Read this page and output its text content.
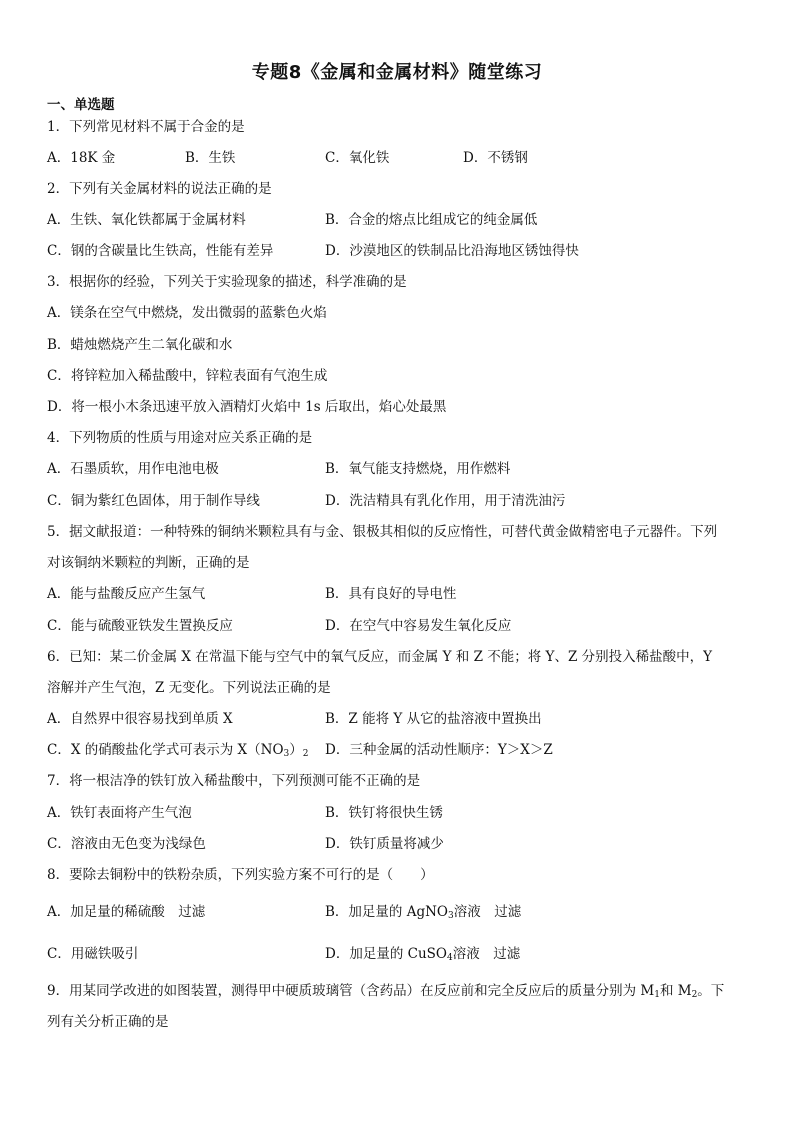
专题8《金属和金属材料》随堂练习
一、单选题
1．下列常见材料不属于合金的是
A．18K 金	B．生铁	C．氧化铁	D．不锈钢
2．下列有关金属材料的说法正确的是
A．生铁、氧化铁都属于金属材料	B．合金的熔点比组成它的纯金属低
C．钢的含碳量比生铁高，性能有差异	D．沙漠地区的铁制品比沿海地区锈蚀得快
3．根据你的经验，下列关于实验现象的描述，科学准确的是
A．镁条在空气中燃烧，发出微弱的蓝紫色火焰
B．蜡烛燃烧产生二氧化碳和水
C．将锌粒加入稀盐酸中，锌粒表面有气泡生成
D．将一根小木条迅速平放入酒精灯火焰中 1s 后取出，焰心处最黑
4．下列物质的性质与用途对应关系正确的是
A．石墨质软，用作电池电极	B．氧气能支持燃烧，用作燃料
C．铜为紫红色固体，用于制作导线	D．洗洁精具有乳化作用，用于清洗油污
5．据文献报道：一种特殊的铜纳米颗粒具有与金、银极其相似的反应惰性，可替代黄金做精密电子元器件。下列
对该铜纳米颗粒的判断，正确的是
A．能与盐酸反应产生氢气	B．具有良好的导电性
C．能与硫酸亚铁发生置换反应	D．在空气中容易发生氧化反应
6．已知：某二价金属 X 在常温下能与空气中的氧气反应，而金属 Y 和 Z 不能；将 Y、Z 分别投入稀盐酸中，Y
溶解并产生气泡，Z 无变化。下列说法正确的是
A．自然界中很容易找到单质 X	B．Z 能将 Y 从它的盐溶液中置换出
C．X 的硝酸盐化学式可表示为 $X(NO_3)_2$ D．三种金属的活动性顺序：Y＞X＞Z
7．将一根洁净的铁钉放入稀盐酸中，下列预测可能不正确的是
A．铁钉表面将产生气泡	B．铁钉将很快生锈
C．溶液由无色变为浅绿色	D．铁钉质量将减少
8．要除去铜粉中的铁粉杂质，下列实验方案不可行的是（　　）
A．加足量的稀硫酸　过滤	B．加足量的 AgNO$_3$溶液　过滤
C．用磁铁吸引	D．加足量的 CuSO$_4$溶液　过滤
9．用某同学改进的如图装置，测得甲中硬质玻璃管（含药品）在反应前和完全反应后的质量分别为 $M_1$和 $M_2$。下
列有关分析正确的是
